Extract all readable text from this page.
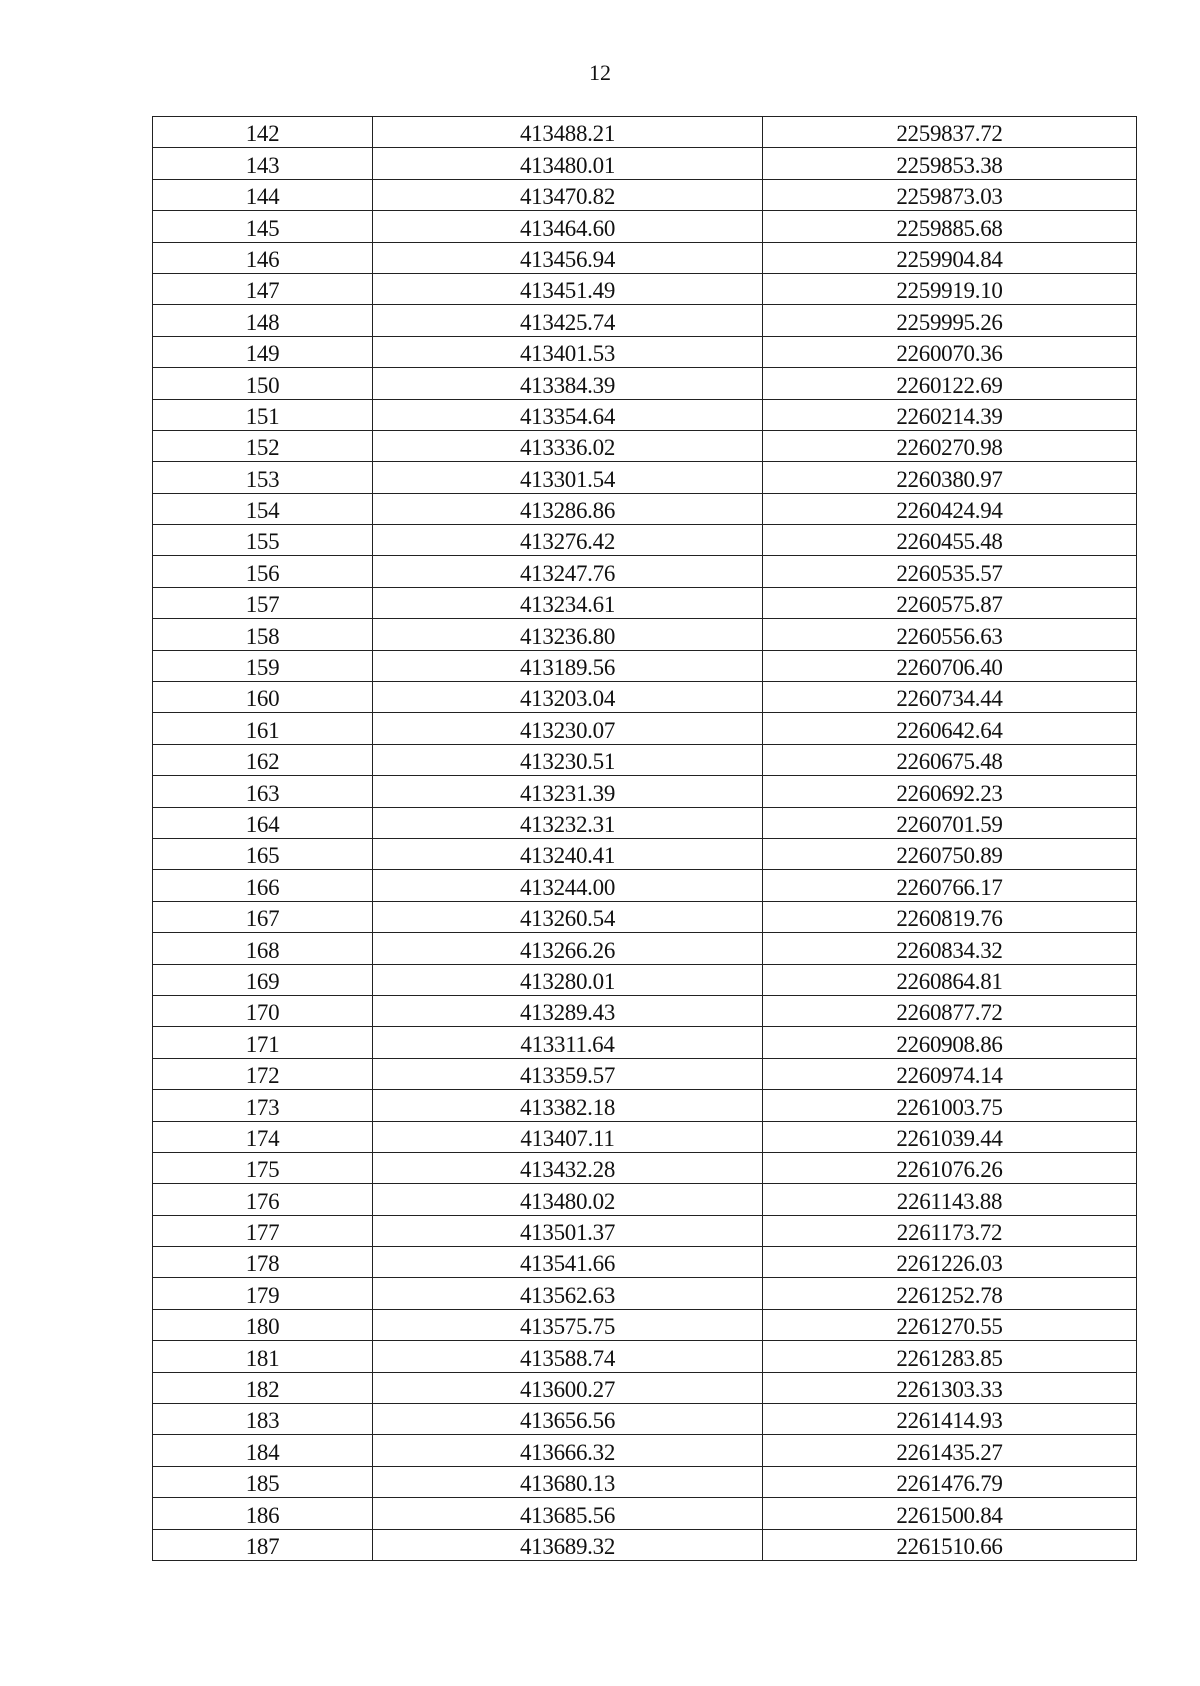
12
142	413488.21	2259837.72
143	413480.01	2259853.38
144	413470.82	2259873.03
145	413464.60	2259885.68
146	413456.94	2259904.84
147	413451.49	2259919.10
148	413425.74	2259995.26
149	413401.53	2260070.36
150	413384.39	2260122.69
151	413354.64	2260214.39
152	413336.02	2260270.98
153	413301.54	2260380.97
154	413286.86	2260424.94
155	413276.42	2260455.48
156	413247.76	2260535.57
157	413234.61	2260575.87
158	413236.80	2260556.63
159	413189.56	2260706.40
160	413203.04	2260734.44
161	413230.07	2260642.64
162	413230.51	2260675.48
163	413231.39	2260692.23
164	413232.31	2260701.59
165	413240.41	2260750.89
166	413244.00	2260766.17
167	413260.54	2260819.76
168	413266.26	2260834.32
169	413280.01	2260864.81
170	413289.43	2260877.72
171	413311.64	2260908.86
172	413359.57	2260974.14
173	413382.18	2261003.75
174	413407.11	2261039.44
175	413432.28	2261076.26
176	413480.02	2261143.88
177	413501.37	2261173.72
178	413541.66	2261226.03
179	413562.63	2261252.78
180	413575.75	2261270.55
181	413588.74	2261283.85
182	413600.27	2261303.33
183	413656.56	2261414.93
184	413666.32	2261435.27
185	413680.13	2261476.79
186	413685.56	2261500.84
187	413689.32	2261510.66
